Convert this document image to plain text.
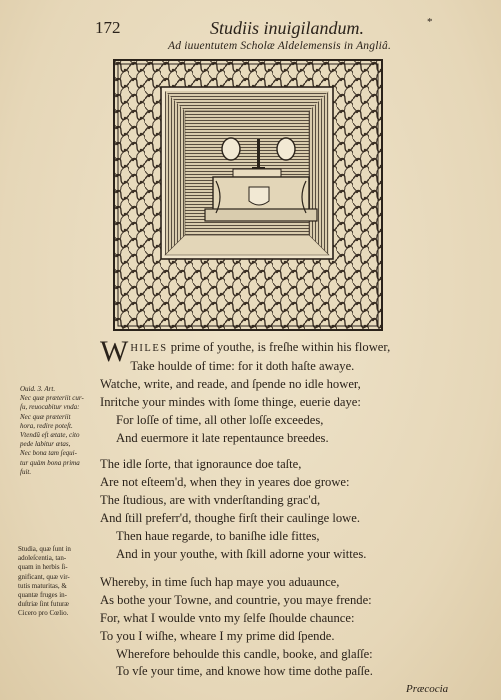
172	Studiis inuigilandum.	*
Ad iuuentutem Scholæ Aldelemensis in Angliâ.
Ouid. 3. Art.
Nec quæ præteriit cur-
ſu, reuocabitur vnda:
Nec quæ præteriit
hora, redire poteſt.
Vtendû eſt ætate, cito
pede labitur ætas,
Nec bona tam ſequi-
tur quàm bona prima
fuit.
Studia, quæ ſunt in
adoleſcentia, tan-
quam in herbis ſi-
gnificant, quæ vir-
tutis maturitas, &
quantæ fruges in-
duſtriæ ſint futuræ
Cicero pro Cœlio.
WHILES prime of youthe, is freſhe within his flower,
Take houlde of time: for it doth haſte awaye.
Watche, write, and reade, and ſpende no idle hower,
Inritche your mindes with ſome thinge, euerie daye:
For loſſe of time, all other loſſe exceedes,
And euermore it late repentaunce breedes.
The idle ſorte, that ignoraunce doe taſte,
Are not eſteem'd, when they in yeares doe growe:
The ſtudious, are with vnderſtanding grac'd,
And ſtill preferr'd, thoughe firſt their caulinge lowe.
Then haue regarde, to baniſhe idle fittes,
And in your youthe, with ſkill adorne your wittes.
Whereby, in time ſuch hap maye you aduaunce,
As bothe your Towne, and countrie, you maye frende:
For, what I woulde vnto my ſelfe ſhoulde chaunce:
To you I wiſhe, wheare I my prime did ſpende.
Wherefore behoulde this candle, booke, and glaſſe:
To vſe your time, and knowe how time dothe paſſe.
Præcocia
